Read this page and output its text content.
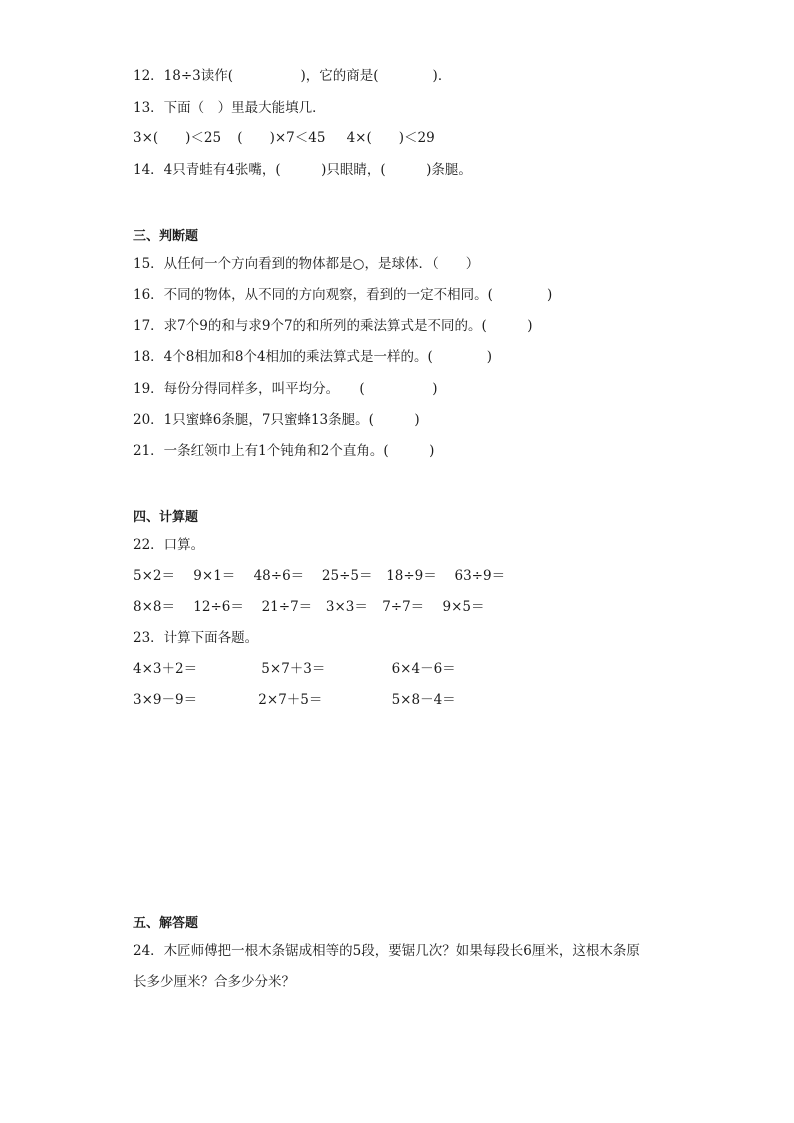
12．18÷3读作(　　　　　)，它的商是(　　　　)．
13．下面（　）里最大能填几．
3×(　　)＜25 (　　)×7＜45 4×(　　)＜29
14．4只青蛙有4张嘴，(　　　)只眼睛，(　　　)条腿。
三、判断题
15．从任何一个方向看到的物体都是○，是球体．（　　）
16．不同的物体，从不同的方向观察，看到的一定不相同。(　　　　)
17．求7个9的和与求9个7的和所列的乘法算式是不同的。(　　　)
18．4个8相加和8个4相加的乘法算式是一样的。(　　　　)
19．每份分得同样多，叫平均分。　　(　　　　　)
20．1只蜜蜂6条腿，7只蜜蜂13条腿。(　　　)
21．一条红领巾上有1个钝角和2个直角。(　　　)
四、计算题
22．口算。
5×2＝ 9×1＝ 48÷6＝ 25÷5＝ 18÷9＝ 63÷9＝
8×8＝ 12÷6＝ 21÷7＝ 3×3＝ 7÷7＝ 9×5＝
23．计算下面各题。
4×3＋2＝	5×7＋3＝	6×4－6＝
3×9－9＝	2×7＋5＝	5×8－4＝
五、解答题
24．木匠师傅把一根木条锯成相等的5段，要锯几次？如果每段长6厘米，这根木条原
长多少厘米？合多少分米？
